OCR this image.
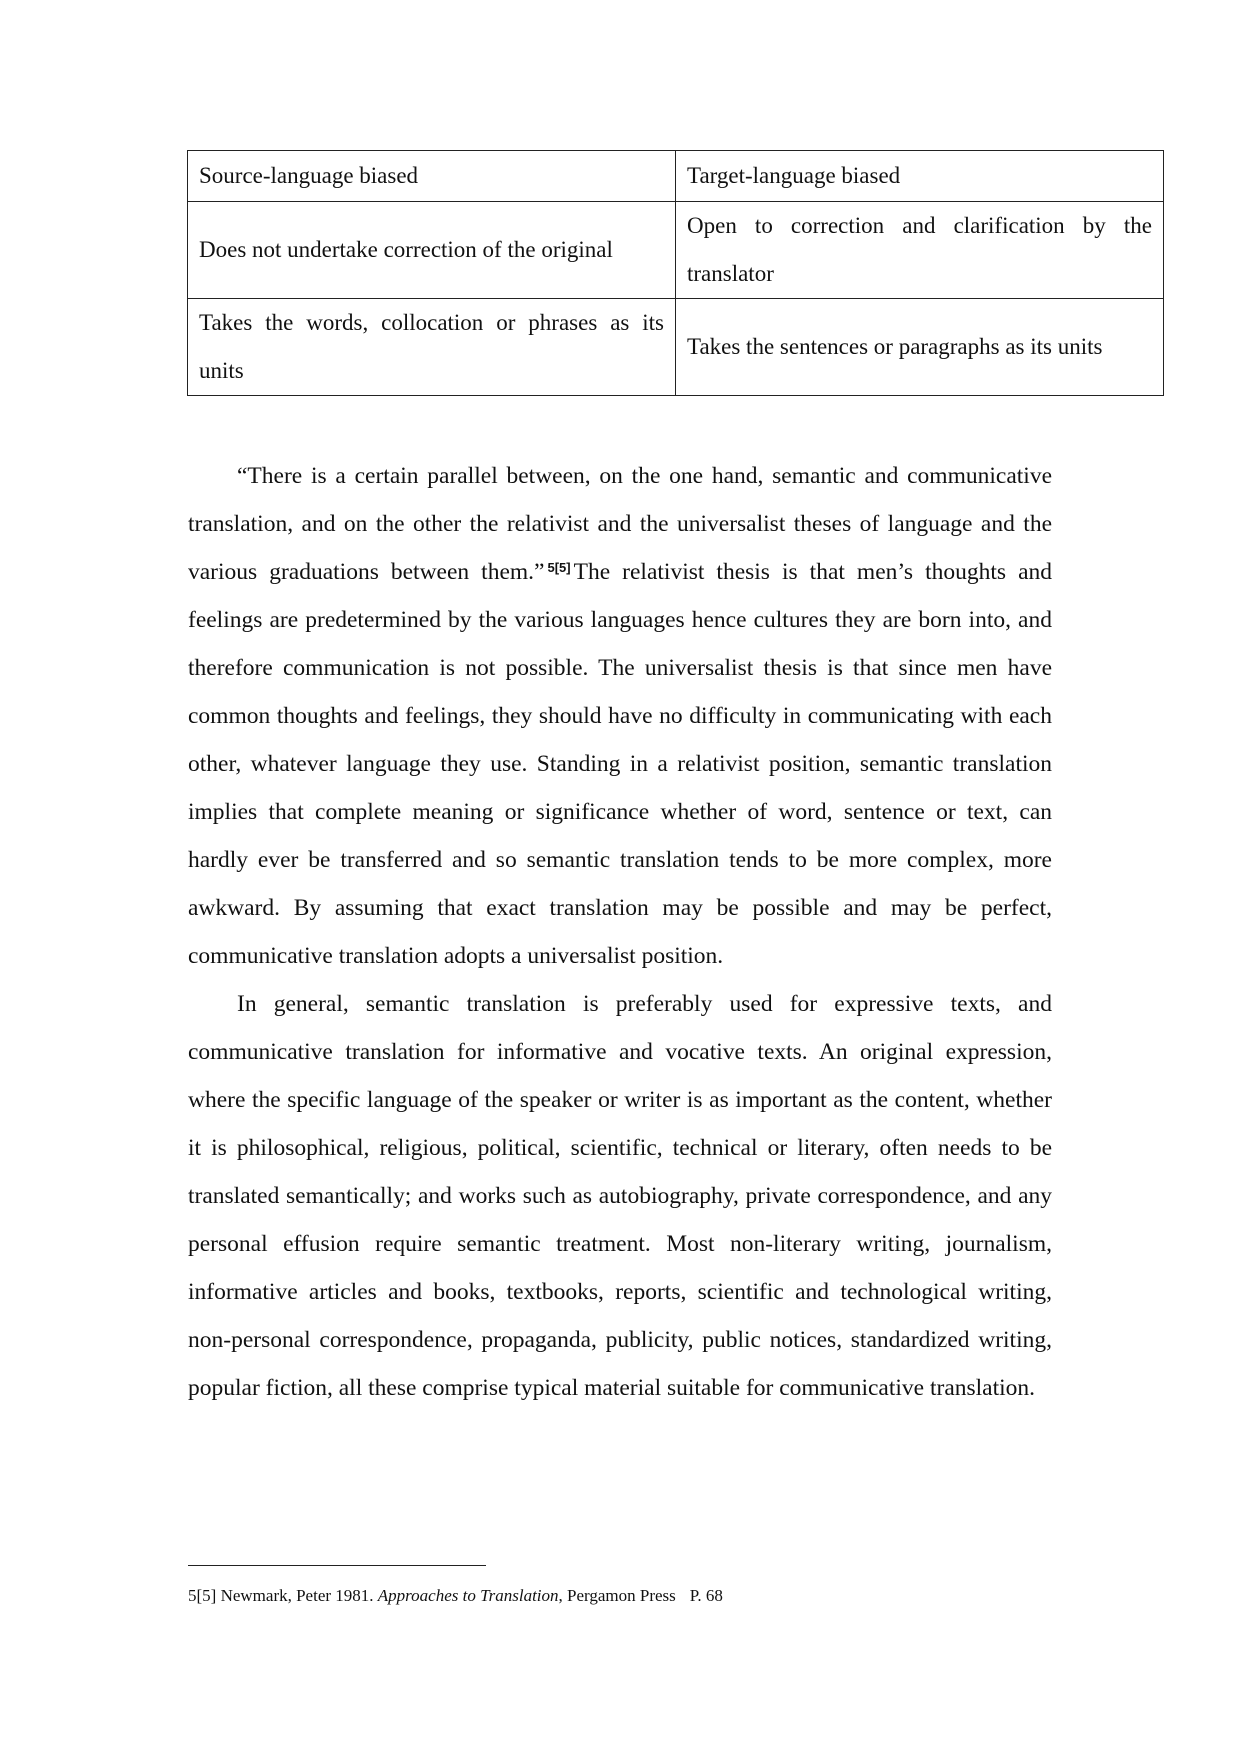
Source-language biased	Target-language biased
Does not undertake correction of the original	Open to correction and clarification by the translator
Takes the words, collocation or phrases as its units	Takes the sentences or paragraphs as its units

“There is a certain parallel between, on the one hand, semantic and communicative translation, and on the other the relativist and the universalist theses of language and the various graduations between them.” $^{5[5]}$ The relativist thesis is that men’s thoughts and feelings are predetermined by the various languages hence cultures they are born into, and therefore communication is not possible. The universalist thesis is that since men have common thoughts and feelings, they should have no difficulty in communicating with each other, whatever language they use. Standing in a relativist position, semantic translation implies that complete meaning or significance whether of word, sentence or text, can hardly ever be transferred and so semantic translation tends to be more complex, more awkward. By assuming that exact translation may be possible and may be perfect, communicative translation adopts a universalist position.

In general, semantic translation is preferably used for expressive texts, and communicative translation for informative and vocative texts. An original expression, where the specific language of the speaker or writer is as important as the content, whether it is philosophical, religious, political, scientific, technical or literary, often needs to be translated semantically; and works such as autobiography, private correspondence, and any personal effusion require semantic treatment. Most non-literary writing, journalism, informative articles and books, textbooks, reports, scientific and technological writing, non-personal correspondence, propaganda, publicity, public notices, standardized writing, popular fiction, all these comprise typical material suitable for communicative translation.

5[5] Newmark, Peter 1981. Approaches to Translation, Pergamon Press P. 68
